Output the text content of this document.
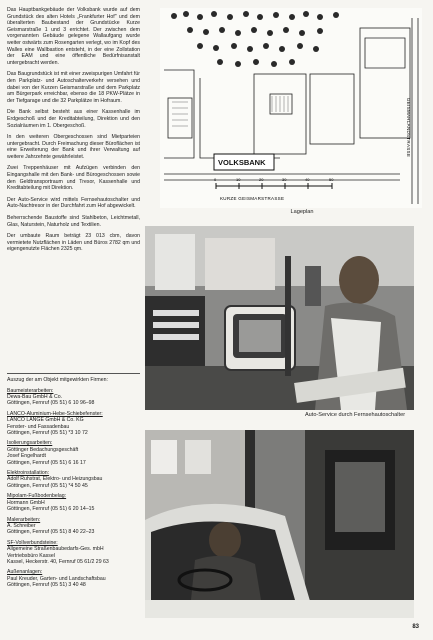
Das Hauptbankgebäude der Volksbank wurde auf dem Grundstück des alten Hotels „Frankfurter Hof" und dem überalterten Baubestand der Grundstücke Kurze Geismarstraße 1 und 3 errichtet. Der zwischen dem vorgenannten Gebäude gelegene Wallaufgang wurde weiter ostwärts zum Rosengarten verlegt, wo im Kopf des Walles eine Wallbastion entsteht, in der eine Zollstation der EAM und eine öffentliche Bedürfnisanstalt untergebracht werden.

Das Baugrundstück ist mit einer zweispurigen Umfahrt für den Parkplatz- und Autoschalterverkehr versehen und dabei von der Kurzen Geismarstraße und dem Parkplatz am Bürgerpark erreichbar, ebenso die 18 PKW-Plätze in der Tiefgarage und die 32 Parkplätze im Hofraum.

Die Bank selbst besteht aus einer Kassenhalle im Erdgeschoß und der Kreditabteilung, Direktion und den Sozialräumen im 1. Obergeschoß.

In den weiteren Obergeschossen sind Mietparteien untergebracht. Durch Freimachung dieser Büroflächen ist eine Erweiterung der Bank und ihrer Verwaltung auf weitere Jahrzehnte gewährleistet.

Zwei Treppenhäuser mit Aufzügen verbinden den Eingangshalle mit den Bank- und Bürogeschossen sowie den Geldtransportraum und Tresor, Kassenhalle und Kreditabteilung mit Direktion.

Der Auto-Service wird mittels Fernsehautoschalter und Auto-Nachtresor in der Durchfahrt zum Hof abgewickelt.

Beherrschende Baustoffe sind Stahlbeton, Leichtmetall, Glas, Naturstein, Naturholz und Textilien.

Der umbaute Raum beträgt 23 013 cbm, davon vermietete Nutzflächen in Läden und Büros 2782 qm und eigengenutzte Flächen 2325 qm.

Auszug der am Objekt mitgewirkten Firmen:

Baumeisterarbeiten:
Dewa-Bau GmbH & Co.
Göttingen, Fernruf (05 51) 6 10 96–98
LANCO-Aluminium-Hebe-Schiebefenster:
LANCO LANGE GmbH & Co. KG
Fenster- und Fassadenbau
Göttingen, Fernruf (05 51) *3 10 72
Isolierungsarbeiten:
Göttinger Bedachungsgeschäft
Josef Engelhardt
Göttingen, Fernruf (05 51) 6 16 17
Elektroinstallation:
Adolf Ruhstrat, Elektro- und Heizungsbau
Göttingen, Fernruf (05 51) *4 50 45
Mipolam-Fußbodenbelag:
Hormann GmbH
Göttingen, Fernruf (05 51) 6 20 14–15
Malerarbeiten:
A. Schreiber
Göttingen, Fernruf (05 51) 8 40 22–23
SF-Vollverbundsteine:
Allgemeine Straßenbaubedarfs-Ges. mbH
Vertriebsbüro Kassel
Kassel, Heckerstr. 40, Fernruf 05 61/2 29 63
Außenanlagen:
Paul Kreuder, Garten- und Landschaftsbau
Göttingen, Fernruf (05 51) 3 40 48
VOLKSBANK
0	10	20	30	40	50
KURZE GEISMARSTRASSE
GEISMARLANDSTRASSE
Lageplan
Auto-Service durch Fernsehautoschalter
83
